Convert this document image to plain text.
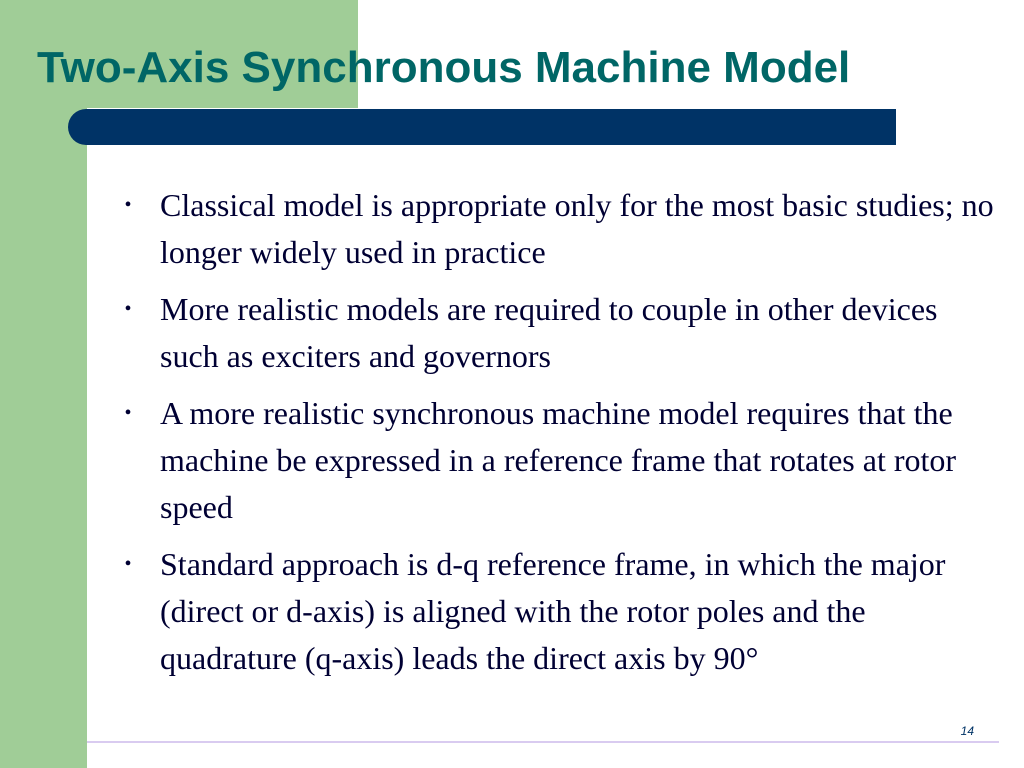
Two-Axis Synchronous Machine Model
• Classical model is appropriate only for the most basic studies; no longer widely used in practice
• More realistic models are required to couple in other devices such as exciters and governors
• A more realistic synchronous machine model requires that the machine be expressed in a reference frame that rotates at rotor speed
• Standard approach is d-q reference frame, in which the major (direct or d-axis) is aligned with the rotor poles and the quadrature (q-axis) leads the direct axis by 90°
14
